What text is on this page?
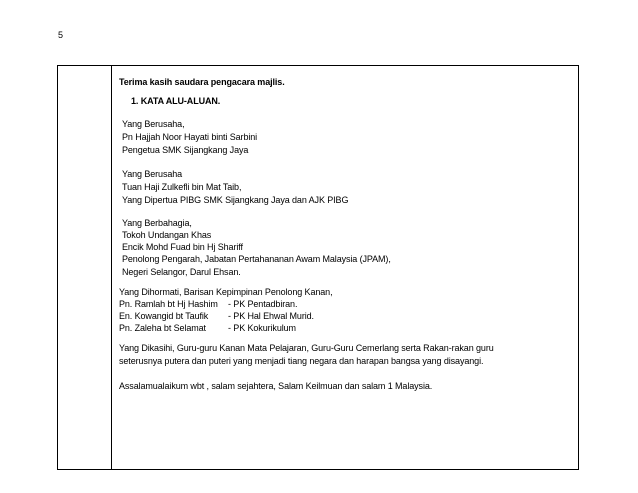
5
Terima kasih saudara pengacara majlis.
1. KATA ALU-ALUAN.
Yang Berusaha,
Pn Hajjah Noor Hayati binti Sarbini
Pengetua SMK Sijangkang Jaya
Yang Berusaha
Tuan Haji Zulkefli bin Mat Taib,
Yang Dipertua PIBG SMK Sijangkang Jaya dan AJK PIBG
Yang Berbahagia,
Tokoh Undangan Khas
Encik Mohd Fuad bin Hj Shariff
Penolong Pengarah, Jabatan Pertahananan Awam Malaysia (JPAM),
Negeri Selangor, Darul Ehsan.
Yang Dihormati, Barisan Kepimpinan Penolong Kanan,
Pn. Ramlah bt Hj Hashim - PK Pentadbiran.
En. Kowangid bt Taufik - PK Hal Ehwal Murid.
Pn. Zaleha bt Selamat - PK Kokurikulum
Yang Dikasihi, Guru-guru Kanan Mata Pelajaran, Guru-Guru Cemerlang serta Rakan-rakan guru
seterusnya putera dan puteri yang menjadi tiang negara dan harapan bangsa yang disayangi.
Assalamualaikum wbt , salam sejahtera, Salam Keilmuan dan salam 1 Malaysia.
